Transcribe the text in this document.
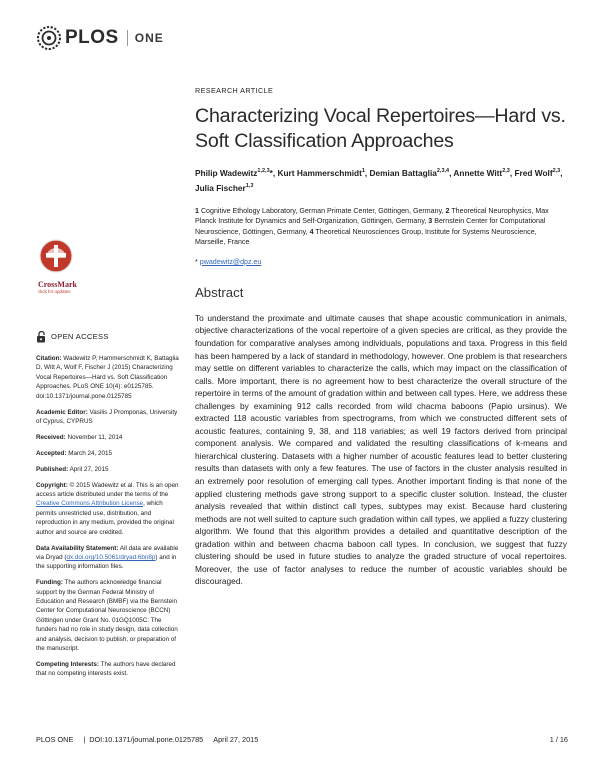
PLOS ONE
CrossMark
click for updates
OPEN ACCESS
Citation: Wadewitz P, Hammerschmidt K, Battaglia D, Witt A, Wolf F, Fischer J (2015) Characterizing Vocal Repertoires—Hard vs. Soft Classification Approaches. PLoS ONE 10(4): e0125785. doi:10.1371/journal.pone.0125785
Academic Editor: Vasilis J Promponas, University of Cyprus, CYPRUS
Received: November 11, 2014
Accepted: March 24, 2015
Published: April 27, 2015
Copyright: © 2015 Wadewitz et al. This is an open access article distributed under the terms of the Creative Commons Attribution License, which permits unrestricted use, distribution, and reproduction in any medium, provided the original author and source are credited.
Data Availability Statement: All data are available via Dryad (dx.doi.org/10.5061/dryad.6bn8p) and in the supporting information files.
Funding: The authors acknowledge financial support by the German Federal Ministry of Education and Research (BMBF) via the Bernstein Center for Computational Neuroscience (BCCN) Göttingen under Grant No. 01GQ1005C. The funders had no role in study design, data collection and analysis, decision to publish, or preparation of the manuscript.
Competing Interests: The authors have declared that no competing interests exist.
RESEARCH ARTICLE
Characterizing Vocal Repertoires—Hard vs. Soft Classification Approaches
Philip Wadewitz$^{1,2,3}$*, Kurt Hammerschmidt$^1$, Demian Battaglia$^{2,3,4}$, Annette Witt$^{2,3}$, Fred Wolf$^{2,3}$, Julia Fischer$^{1,3}$
1 Cognitive Ethology Laboratory, German Primate Center, Göttingen, Germany, 2 Theoretical Neurophysics, Max Planck Institute for Dynamics and Self-Organization, Göttingen, Germany, 3 Bernstein Center for Computational Neuroscience, Göttingen, Germany, 4 Theoretical Neurosciences Group, Institute for Systems Neuroscience, Marseille, France
* pwadewitz@dpz.eu
Abstract
To understand the proximate and ultimate causes that shape acoustic communication in animals, objective characterizations of the vocal repertoire of a given species are critical, as they provide the foundation for comparative analyses among individuals, populations and taxa. Progress in this field has been hampered by a lack of standard in methodology, however. One problem is that researchers may settle on different variables to characterize the calls, which may impact on the classification of calls. More important, there is no agreement how to best characterize the overall structure of the repertoire in terms of the amount of gradation within and between call types. Here, we address these challenges by examining 912 calls recorded from wild chacma baboons (Papio ursinus). We extracted 118 acoustic variables from spectrograms, from which we constructed different sets of acoustic features, containing 9, 38, and 118 variables; as well 19 factors derived from principal component analysis. We compared and validated the resulting classifications of k-means and hierarchical clustering. Datasets with a higher number of acoustic features lead to better clustering results than datasets with only a few features. The use of factors in the cluster analysis resulted in an extremely poor resolution of emerging call types. Another important finding is that none of the applied clustering methods gave strong support to a specific cluster solution. Instead, the cluster analysis revealed that within distinct call types, subtypes may exist. Because hard clustering methods are not well suited to capture such gradation within call types, we applied a fuzzy clustering algorithm. We found that this algorithm provides a detailed and quantitative description of the gradation within and between chacma baboon call types. In conclusion, we suggest that fuzzy clustering should be used in future studies to analyze the graded structure of vocal repertoires. Moreover, the use of factor analyses to reduce the number of acoustic variables should be discouraged.
PLOS ONE | DOI:10.1371/journal.pone.0125785 April 27, 2015	1 / 16
